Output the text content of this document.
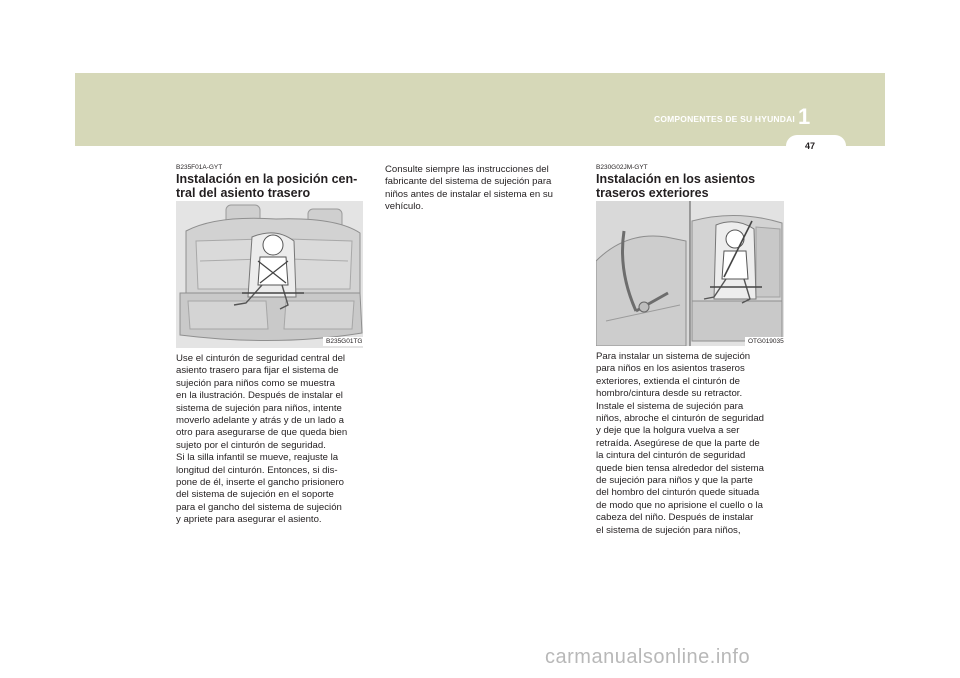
COMPONENTES DE SU HYUNDAI 1
47
B235F01A-GYT
Instalación en la posición cen-
tral del asiento trasero
B235G01TG
Use el cinturón de seguridad central del
asiento trasero para fijar el sistema de
sujeción para niños como se muestra
en la ilustración. Después de instalar el
sistema de sujeción para niños, intente
moverlo adelante y atrás y de un lado a
otro para asegurarse de que queda bien
sujeto por el cinturón de seguridad.
Si la silla infantil se mueve, reajuste la
longitud del cinturón. Entonces, si dis-
pone de él, inserte el gancho prisionero
del sistema de sujeción en el soporte
para el gancho del sistema de sujeción
y apriete para asegurar el asiento.
Consulte siempre las instrucciones del
fabricante del sistema de sujeción para
niños antes de instalar el sistema en su
vehículo.
B230G02JM-GYT
Instalación en los asientos
traseros exteriores
OTG019035
Para instalar un sistema de sujeción
para niños en los asientos traseros
exteriores, extienda el cinturón de
hombro/cintura desde su retractor.
Instale el sistema de sujeción para
niños, abroche el cinturón de seguridad
y deje que la holgura vuelva a ser
retraída. Asegúrese de que la parte de
la cintura del cinturón de seguridad
quede bien tensa alrededor del sistema
de sujeción para niños y que la parte
del hombro del cinturón quede situada
de modo que no aprisione el cuello o la
cabeza del niño. Después de instalar
el sistema de sujeción para niños,
carmanualsonline.info
